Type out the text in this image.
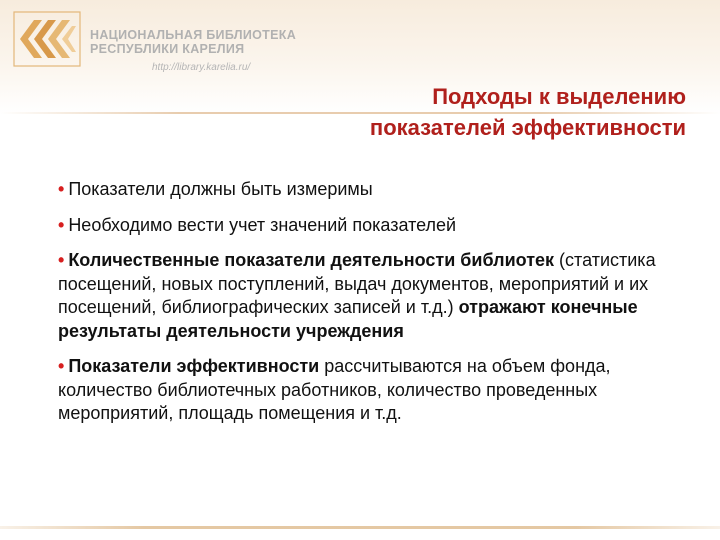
НАЦИОНАЛЬНАЯ БИБЛИОТЕКА
РЕСПУБЛИКИ КАРЕЛИЯ
http://library.karelia.ru/
Подходы к выделению
показателей эффективности
• Показатели должны быть измеримы
• Необходимо вести учет значений показателей
• Количественные показатели деятельности библиотек (статистика посещений, новых поступлений, выдач документов, мероприятий и их посещений, библиографических записей и т.д.) отражают конечные результаты деятельности учреждения
• Показатели эффективности рассчитываются на объем фонда, количество библиотечных работников, количество проведенных мероприятий, площадь помещения и т.д.
